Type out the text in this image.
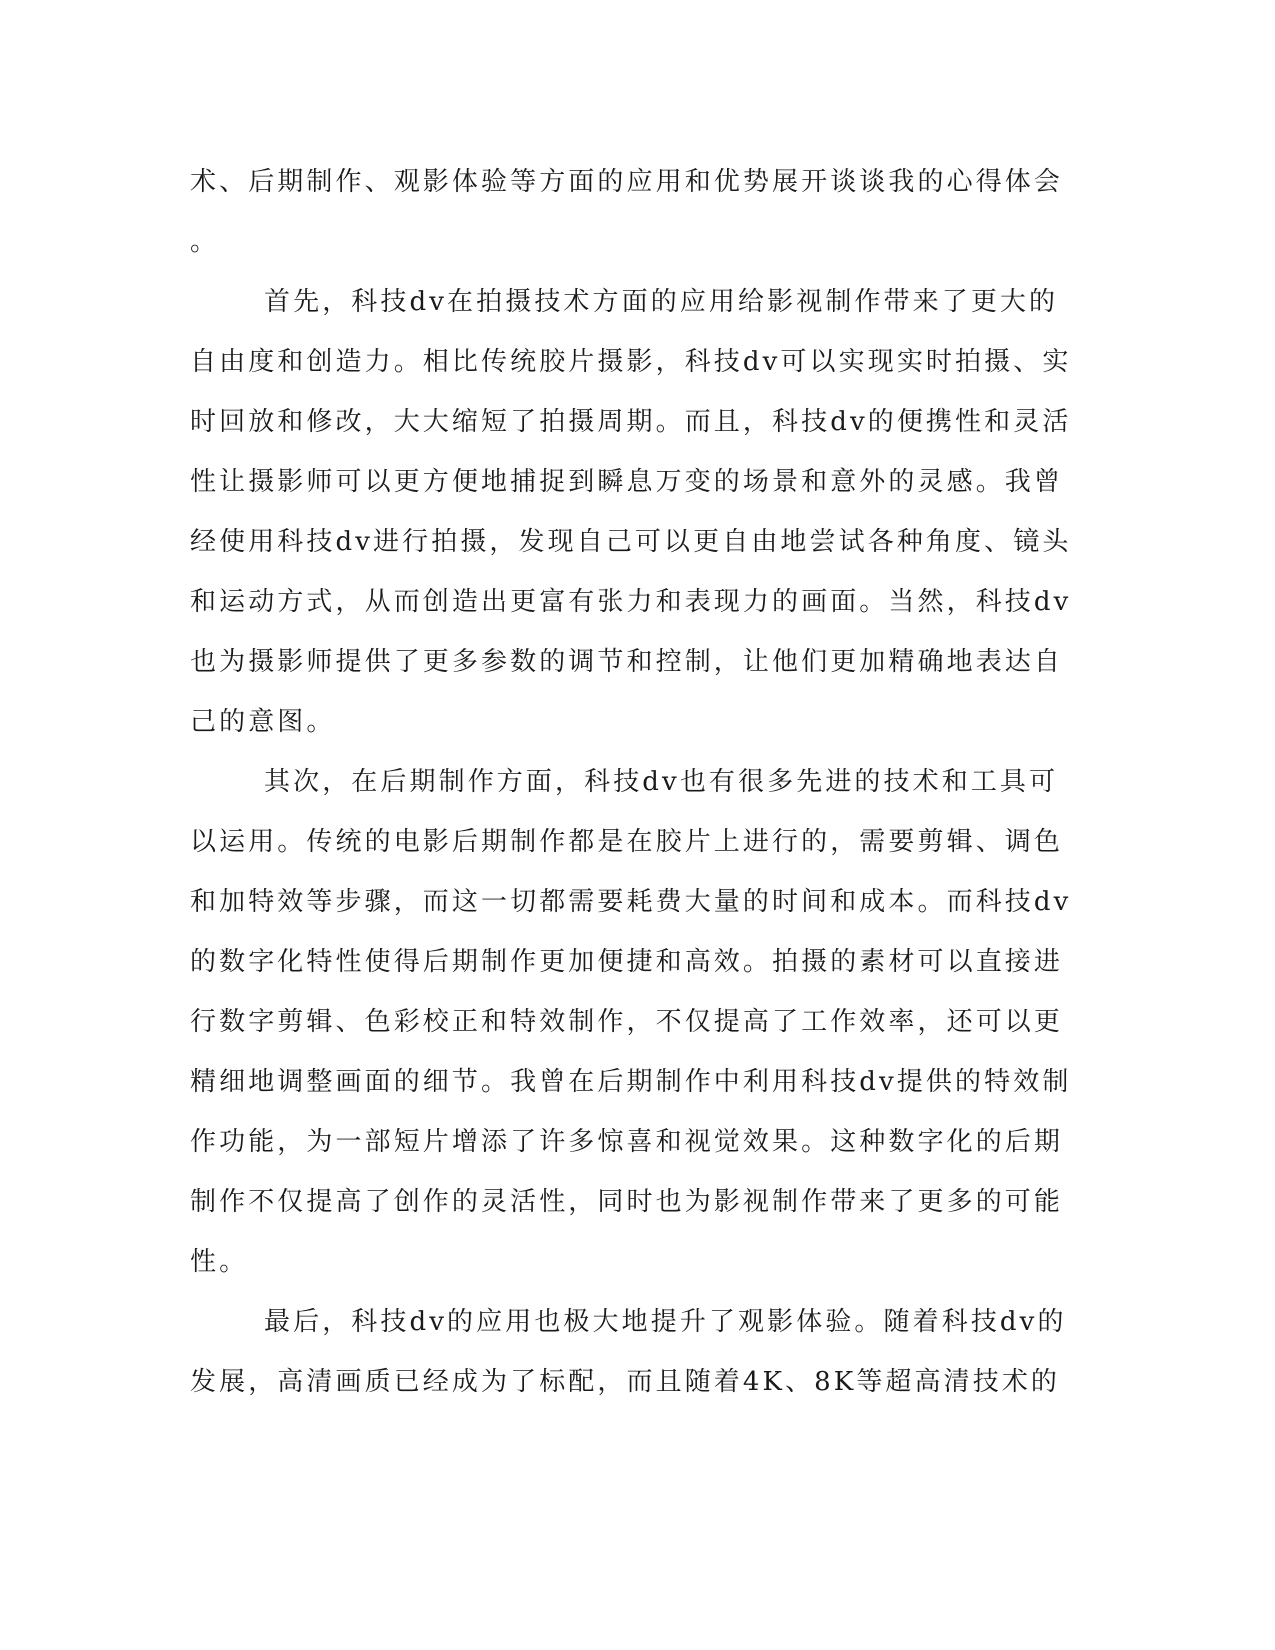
术、后期制作、观影体验等方面的应用和优势展开谈谈我的心得体会
。
首先，科技dv在拍摄技术方面的应用给影视制作带来了更大的
自由度和创造力。相比传统胶片摄影，科技dv可以实现实时拍摄、实
时回放和修改，大大缩短了拍摄周期。而且，科技dv的便携性和灵活
性让摄影师可以更方便地捕捉到瞬息万变的场景和意外的灵感。我曾
经使用科技dv进行拍摄，发现自己可以更自由地尝试各种角度、镜头
和运动方式，从而创造出更富有张力和表现力的画面。当然，科技dv
也为摄影师提供了更多参数的调节和控制，让他们更加精确地表达自
己的意图。
其次，在后期制作方面，科技dv也有很多先进的技术和工具可
以运用。传统的电影后期制作都是在胶片上进行的，需要剪辑、调色
和加特效等步骤，而这一切都需要耗费大量的时间和成本。而科技dv
的数字化特性使得后期制作更加便捷和高效。拍摄的素材可以直接进
行数字剪辑、色彩校正和特效制作，不仅提高了工作效率，还可以更
精细地调整画面的细节。我曾在后期制作中利用科技dv提供的特效制
作功能，为一部短片增添了许多惊喜和视觉效果。这种数字化的后期
制作不仅提高了创作的灵活性，同时也为影视制作带来了更多的可能
性。
最后，科技dv的应用也极大地提升了观影体验。随着科技dv的
发展，高清画质已经成为了标配，而且随着4K、8K等超高清技术的
